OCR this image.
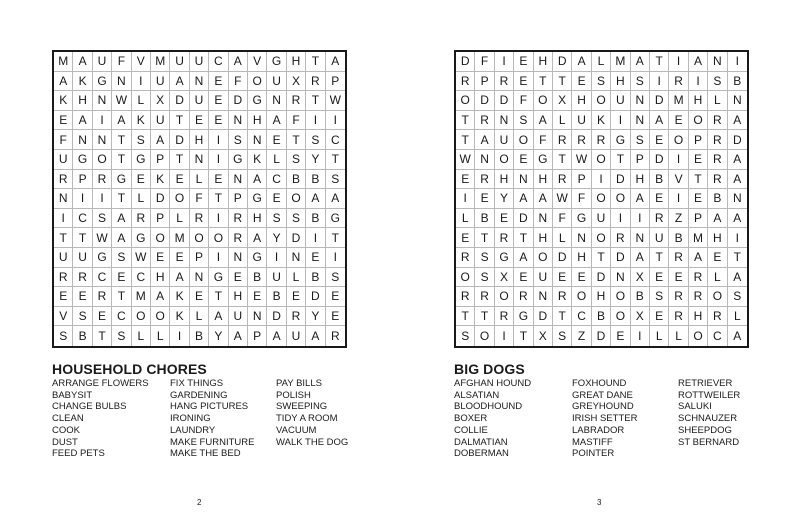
M A U F V M U U C A V G H T	A
A K G N	I	U A N E F O U X R P
K H N W L	X D U E D G N R T W
E A	I	A K U T E E N H A F	I	I
F N N T S A D H	I	S N E T S C
U G O T G P T N	I	G K	L	S Y	T
R P R G E K E	L	E N A C B B S
N	I	I	T	L D O F	T P G E O A A
I	C S A R P	L R	I	R H S S B G
T	T W A G O M O O R A Y D	I	T
U U G S W E E P	I	N G	I	N E	I
R R C E C H A N G E B U L	B S
E E R T M A K E T H E B E D E
V S E C O O K	L	A U N D R Y E
S B T S	L	L	I	B Y A P A U A R
HOUSEHOLD CHORES
ARRANGE FLOWERS
BABYSIT
CHANGE BULBS
CLEAN
COOK
DUST
FEED PETS
FIX THINGS
GARDENING
HANG PICTURES
IRONING
LAUNDRY
MAKE FURNITURE
MAKE THE BED
PAY BILLS
POLISH
SWEEPING
TIDY A ROOM
VACUUM
WALK THE DOG
2
D F	I	E H D A	L M A T	I	A N	I
R P R E T	T E S H S	I	R	I	S B
O D D F O X H O U N D M H L	N
T R N S A	L U K	I	N A E O R A
T A U O F R R R G S E O P R D
W N O E G T W O T P D	I	E R A
E R H N H R P	I	D H B V T R A
I	E Y A A W F O O A E	I	E B N
L	B E D N F G U	I	I	R Z P A A
E T R T H L N O R N U B M H	I
R S G A O D H T D A T R A E	T
O S X E U E E D N X E E R L	A
R R O R N R O H O B S R R O S
T	T R G D T C B O X E R H R	L
S O	I	T X S Z D E	I	L	L O C A
BIG DOGS
AFGHAN HOUND
ALSATIAN
BLOODHOUND
BOXER
COLLIE
DALMATIAN
DOBERMAN
FOXHOUND
GREAT DANE
GREYHOUND
IRISH SETTER
LABRADOR
MASTIFF
POINTER
RETRIEVER
ROTTWEILER
SALUKI
SCHNAUZER
SHEEPDOG
ST BERNARD
3
